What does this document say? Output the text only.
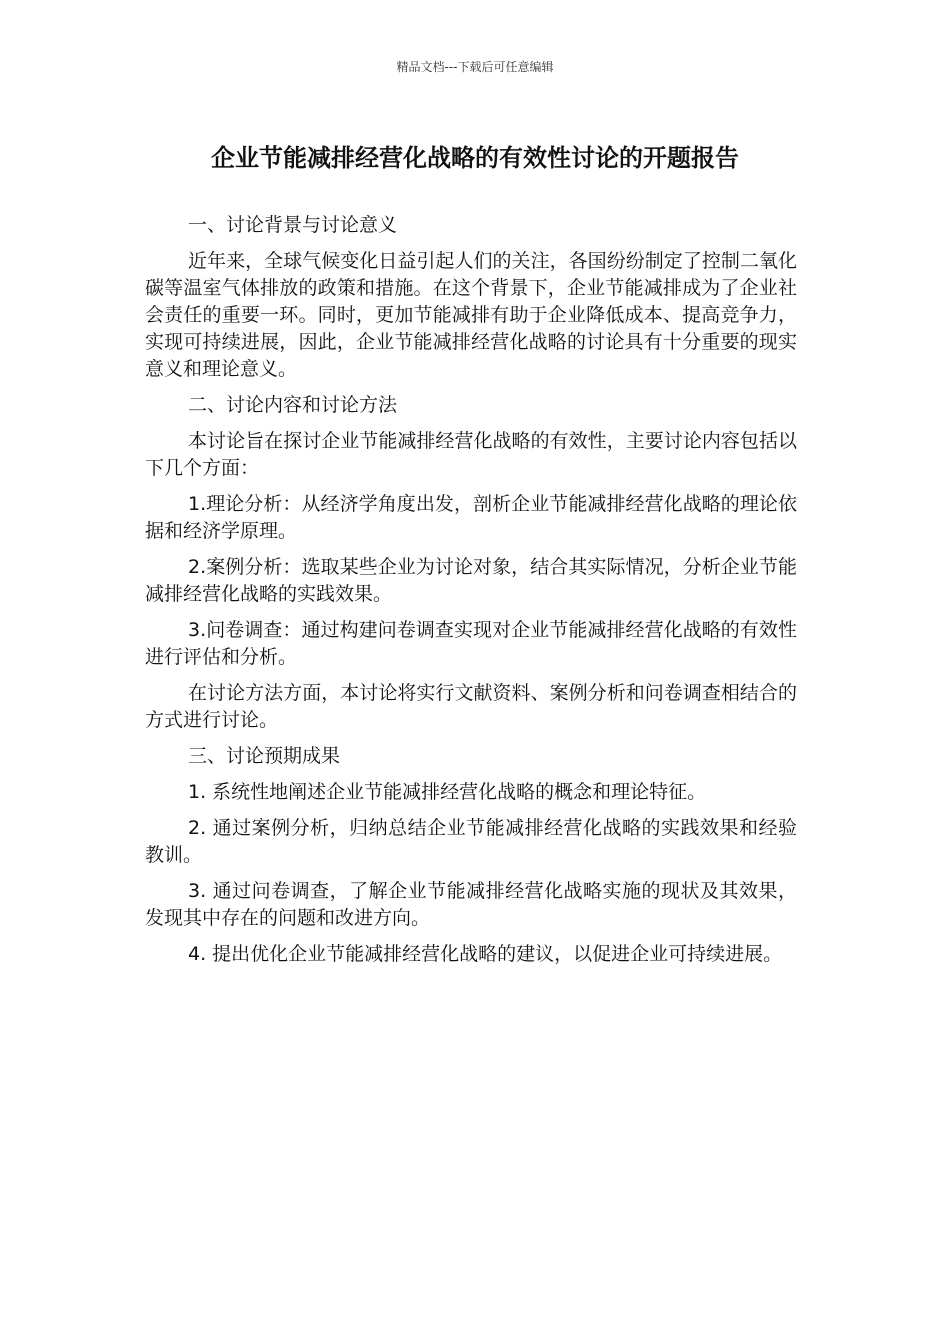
精品文档---下载后可任意编辑
企业节能减排经营化战略的有效性讨论的开题报告
一、讨论背景与讨论意义
近年来，全球气候变化日益引起人们的关注，各国纷纷制定了控制二氧化碳等温室气体排放的政策和措施。在这个背景下，企业节能减排成为了企业社会责任的重要一环。同时，更加节能减排有助于企业降低成本、提高竞争力，实现可持续进展，因此，企业节能减排经营化战略的讨论具有十分重要的现实意义和理论意义。
二、讨论内容和讨论方法
本讨论旨在探讨企业节能减排经营化战略的有效性，主要讨论内容包括以下几个方面：
1.理论分析：从经济学角度出发，剖析企业节能减排经营化战略的理论依据和经济学原理。
2.案例分析：选取某些企业为讨论对象，结合其实际情况，分析企业节能减排经营化战略的实践效果。
3.问卷调查：通过构建问卷调查实现对企业节能减排经营化战略的有效性进行评估和分析。
在讨论方法方面，本讨论将实行文献资料、案例分析和问卷调查相结合的方式进行讨论。
三、讨论预期成果
1. 系统性地阐述企业节能减排经营化战略的概念和理论特征。
2. 通过案例分析，归纳总结企业节能减排经营化战略的实践效果和经验教训。
3. 通过问卷调查，了解企业节能减排经营化战略实施的现状及其效果，发现其中存在的问题和改进方向。
4. 提出优化企业节能减排经营化战略的建议，以促进企业可持续进展。
